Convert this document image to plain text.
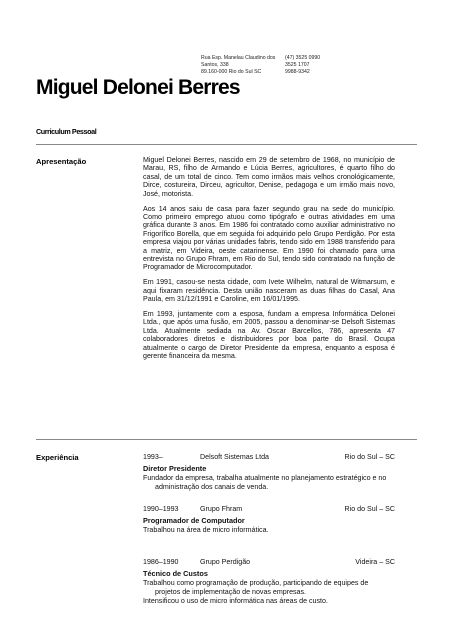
Rua Esp. Manelau Claudino dos	(47) 3525 0990
Santos, 338	3525 1707
89.160-000 Rio do Sul SC	9988-9342
Miguel Delonei Berres
Curriculum Pessoal
Apresentação	Miguel Delonei Berres, nascido em 29 de setembro de 1968, no município de Marau, RS, filho de Armando e Lúcia Berres, agricultores, é quarto filho do casal, de um total de cinco. Tem como irmãos mais velhos cronológicamente, Dirce, costureira, Dirceu, agricultor, Denise, pedagoga e um irmão mais novo, José, motorista.

Aos 14 anos saiu de casa para fazer segundo grau na sede do município. Como primeiro emprego atuou como tipógrafo e outras atividades em uma gráfica durante 3 anos. Em 1986 foi contratado como auxiliar administrativo no Frigorífico Borella, que em seguida foi adquirido pelo Grupo Perdigão. Por esta empresa viajou por várias unidades fabris, tendo sido em 1988 transferido para a matriz, em Videira, oeste catarinense. Em 1990 foi chamado para uma entrevista no Grupo Fhram, em Rio do Sul, tendo sido contratado na função de Programador de Microcomputador.

Em 1991, casou-se nesta cidade, com Ivete Wilhelm, natural de Witmarsum, e aqui fixaram residência. Desta união nasceram as duas filhas do Casal, Ana Paula, em 31/12/1991 e Caroline, em 16/01/1995.

Em 1993, juntamente com a esposa, fundam a empresa Informática Delonei Ltda., que após uma fusão, em 2005, passou a denominar-se Delsoft Sistemas Ltda. Atualmente sediada na Av. Oscar Barcellos, 786, apresenta 47 colaboradores diretos e distribuidores por boa parte do Brasil. Ocupa atualmente o cargo de Diretor Presidente da empresa, enquanto a esposa é gerente financeira da mesma.

Experiência	1993–	Delsoft Sistemas Ltda	Rio do Sul – SC
Diretor Presidente
Fundador da empresa, trabalha atualmente no planejamento estratégico e no administração dos canais de venda.
1990–1993	Grupo Fhram	Rio do Sul – SC
Programador de Computador
Trabalhou na área de micro informática.
1986–1990	Grupo Perdigão	Videira – SC
Técnico de Custos
Trabalhou como programação de produção, participando de equipes de projetos de implementação de novas empresas.
Intensificou o uso de micro informática nas áreas de custo.
